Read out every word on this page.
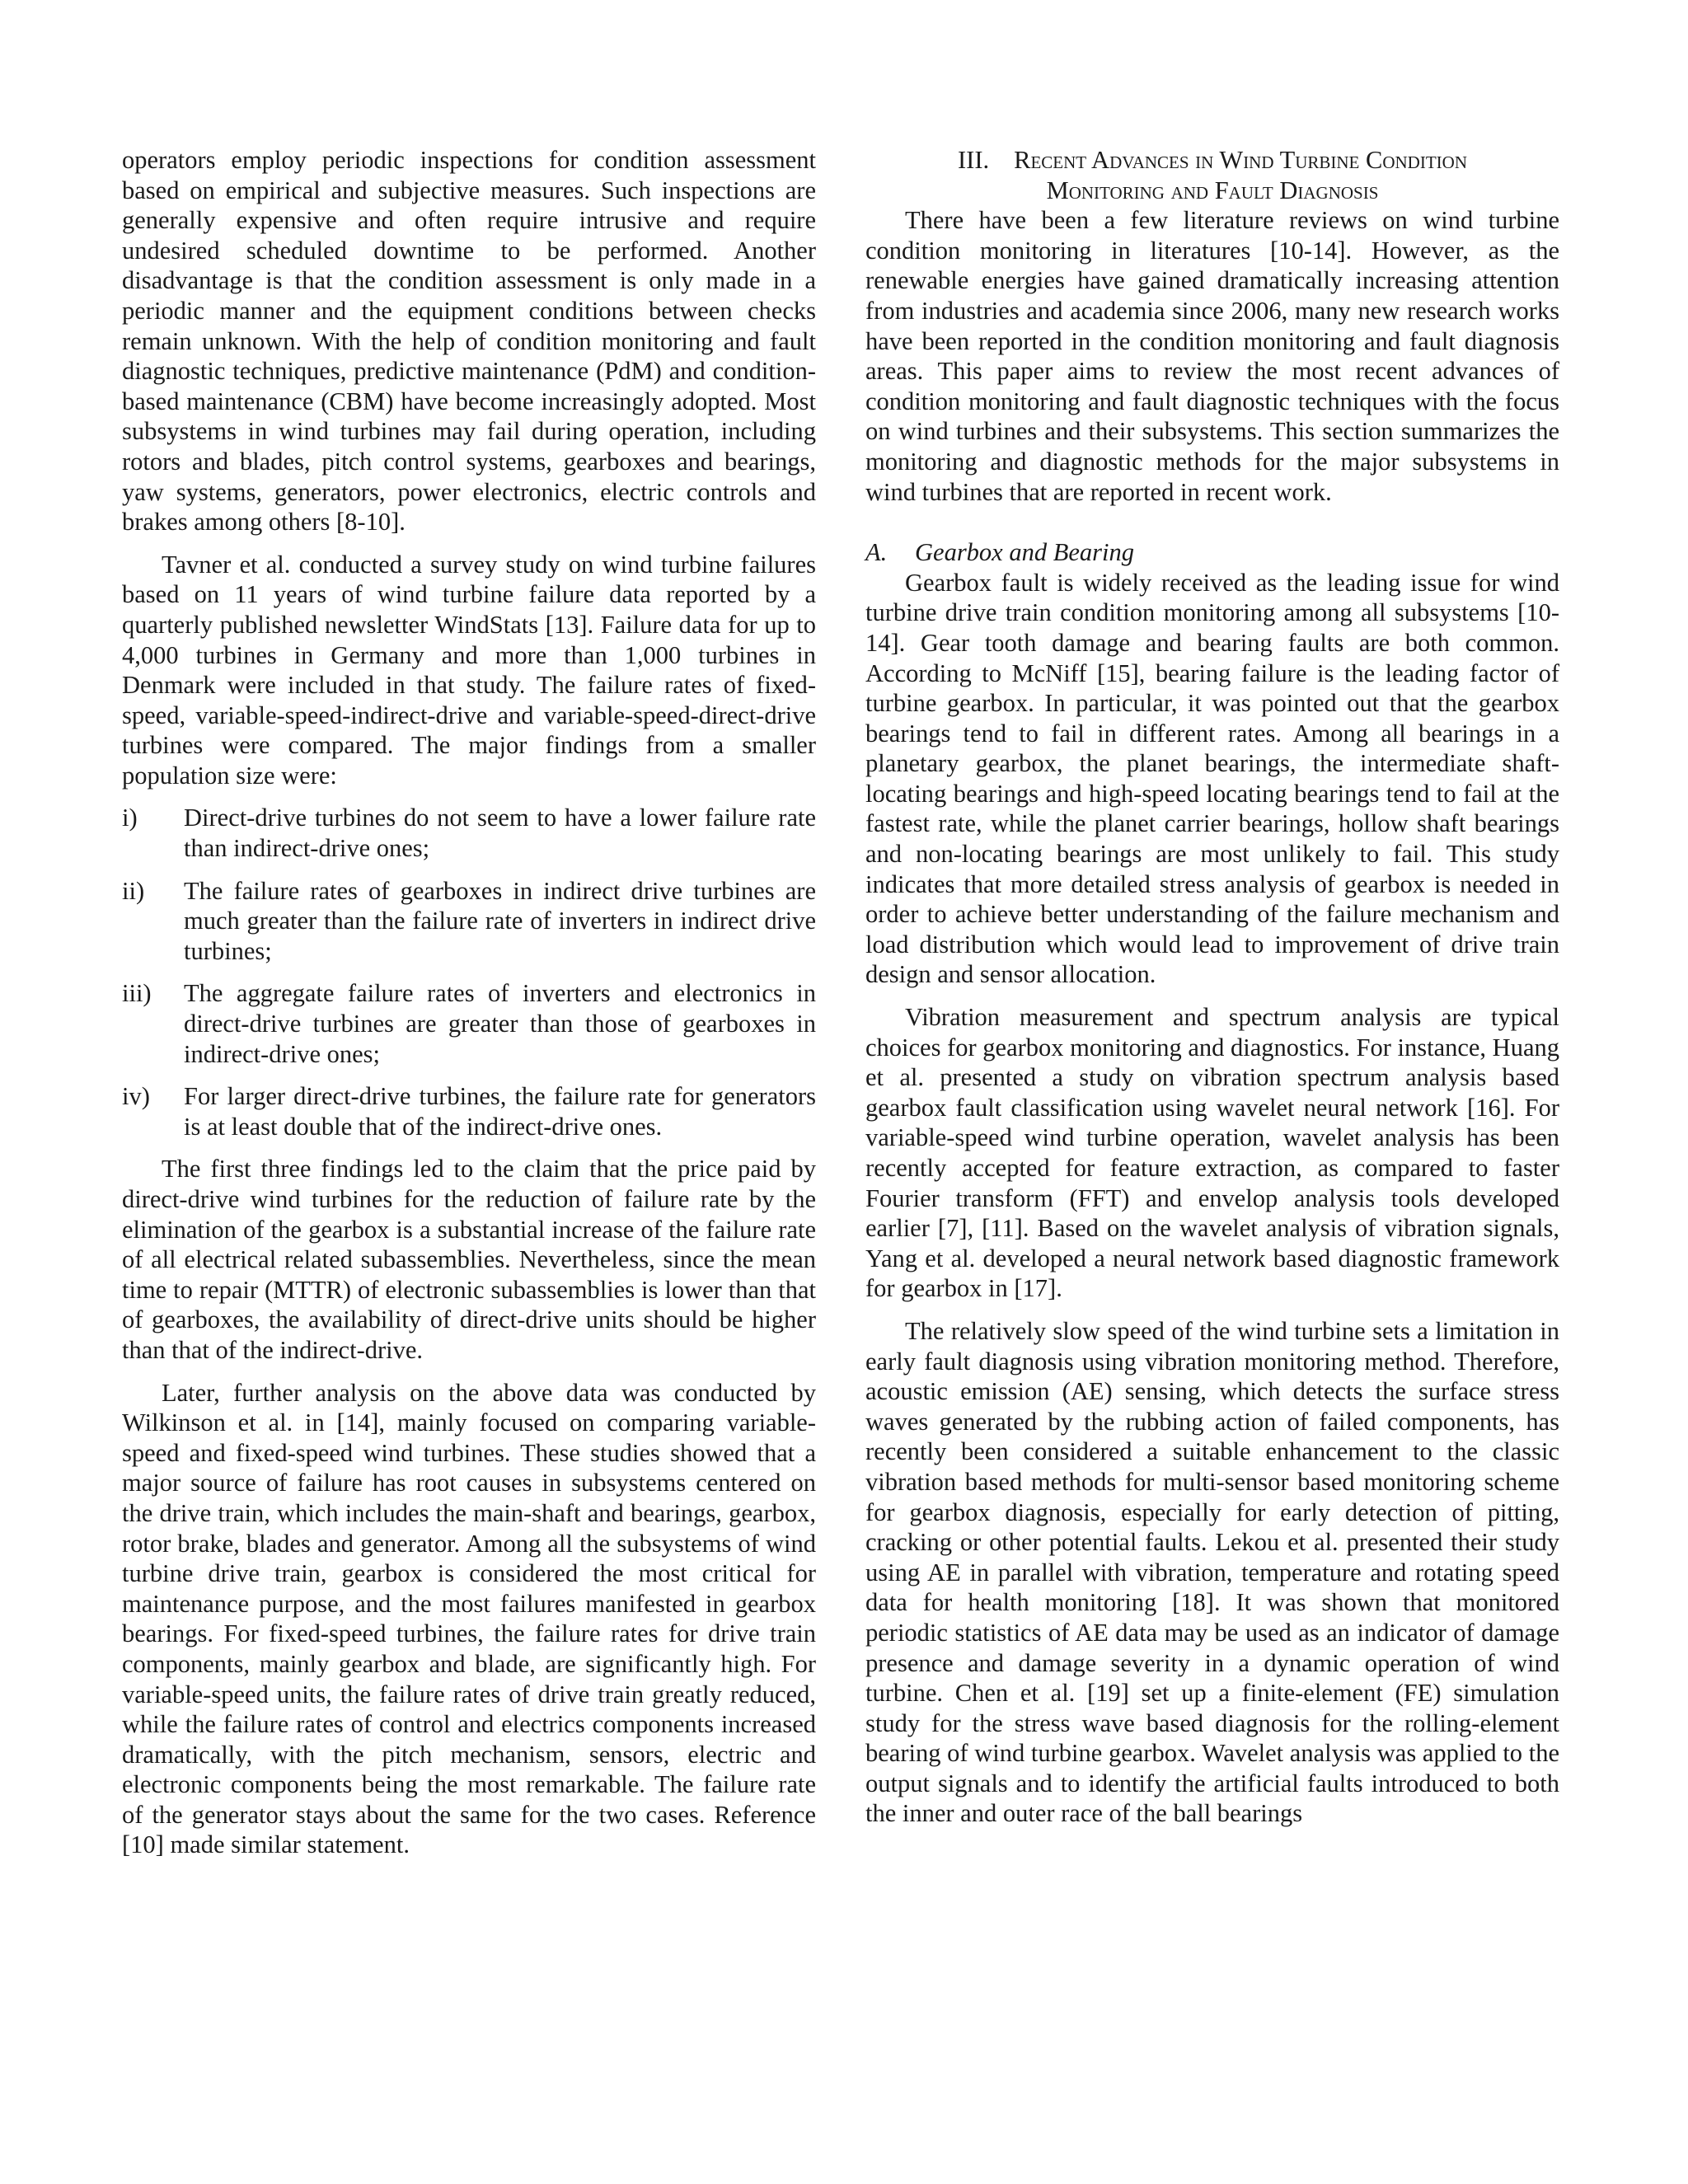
operators employ periodic inspections for condition assessment based on empirical and subjective measures. Such inspections are generally expensive and often require intrusive and require undesired scheduled downtime to be performed. Another disadvantage is that the condition assessment is only made in a periodic manner and the equipment conditions between checks remain unknown. With the help of condition monitoring and fault diagnostic techniques, predictive maintenance (PdM) and condition-based maintenance (CBM) have become increasingly adopted. Most subsystems in wind turbines may fail during operation, including rotors and blades, pitch control systems, gearboxes and bearings, yaw systems, generators, power electronics, electric controls and brakes among others [8-10].

Tavner et al. conducted a survey study on wind turbine failures based on 11 years of wind turbine failure data reported by a quarterly published newsletter WindStats [13]. Failure data for up to 4,000 turbines in Germany and more than 1,000 turbines in Denmark were included in that study. The failure rates of fixed-speed, variable-speed-indirect-drive and variable-speed-direct-drive turbines were compared. The major findings from a smaller population size were:

i)	Direct-drive turbines do not seem to have a lower failure rate than indirect-drive ones;
ii)	The failure rates of gearboxes in indirect drive turbines are much greater than the failure rate of inverters in indirect drive turbines;
iii)	The aggregate failure rates of inverters and electronics in direct-drive turbines are greater than those of gearboxes in indirect-drive ones;
iv)	For larger direct-drive turbines, the failure rate for generators is at least double that of the indirect-drive ones.

The first three findings led to the claim that the price paid by direct-drive wind turbines for the reduction of failure rate by the elimination of the gearbox is a substantial increase of the failure rate of all electrical related subassemblies. Nevertheless, since the mean time to repair (MTTR) of electronic subassemblies is lower than that of gearboxes, the availability of direct-drive units should be higher than that of the indirect-drive.

Later, further analysis on the above data was conducted by Wilkinson et al. in [14], mainly focused on comparing variable-speed and fixed-speed wind turbines. These studies showed that a major source of failure has root causes in subsystems centered on the drive train, which includes the main-shaft and bearings, gearbox, rotor brake, blades and generator. Among all the subsystems of wind turbine drive train, gearbox is considered the most critical for maintenance purpose, and the most failures manifested in gearbox bearings. For fixed-speed turbines, the failure rates for drive train components, mainly gearbox and blade, are significantly high. For variable-speed units, the failure rates of drive train greatly reduced, while the failure rates of control and electrics components increased dramatically, with the pitch mechanism, sensors, electric and electronic components being the most remarkable. The failure rate of the generator stays about the same for the two cases. Reference [10] made similar statement.

III. Recent Advances in Wind Turbine Condition
Monitoring and Fault Diagnosis

There have been a few literature reviews on wind turbine condition monitoring in literatures [10-14]. However, as the renewable energies have gained dramatically increasing attention from industries and academia since 2006, many new research works have been reported in the condition monitoring and fault diagnosis areas. This paper aims to review the most recent advances of condition monitoring and fault diagnostic techniques with the focus on wind turbines and their subsystems. This section summarizes the monitoring and diagnostic methods for the major subsystems in wind turbines that are reported in recent work.

A. Gearbox and Bearing

Gearbox fault is widely received as the leading issue for wind turbine drive train condition monitoring among all subsystems [10-14]. Gear tooth damage and bearing faults are both common. According to McNiff [15], bearing failure is the leading factor of turbine gearbox. In particular, it was pointed out that the gearbox bearings tend to fail in different rates. Among all bearings in a planetary gearbox, the planet bearings, the intermediate shaft-locating bearings and high-speed locating bearings tend to fail at the fastest rate, while the planet carrier bearings, hollow shaft bearings and non-locating bearings are most unlikely to fail. This study indicates that more detailed stress analysis of gearbox is needed in order to achieve better understanding of the failure mechanism and load distribution which would lead to improvement of drive train design and sensor allocation.

Vibration measurement and spectrum analysis are typical choices for gearbox monitoring and diagnostics. For instance, Huang et al. presented a study on vibration spectrum analysis based gearbox fault classification using wavelet neural network [16]. For variable-speed wind turbine operation, wavelet analysis has been recently accepted for feature extraction, as compared to faster Fourier transform (FFT) and envelop analysis tools developed earlier [7], [11]. Based on the wavelet analysis of vibration signals, Yang et al. developed a neural network based diagnostic framework for gearbox in [17].

The relatively slow speed of the wind turbine sets a limitation in early fault diagnosis using vibration monitoring method. Therefore, acoustic emission (AE) sensing, which detects the surface stress waves generated by the rubbing action of failed components, has recently been considered a suitable enhancement to the classic vibration based methods for multi-sensor based monitoring scheme for gearbox diagnosis, especially for early detection of pitting, cracking or other potential faults. Lekou et al. presented their study using AE in parallel with vibration, temperature and rotating speed data for health monitoring [18]. It was shown that monitored periodic statistics of AE data may be used as an indicator of damage presence and damage severity in a dynamic operation of wind turbine. Chen et al. [19] set up a finite-element (FE) simulation study for the stress wave based diagnosis for the rolling-element bearing of wind turbine gearbox. Wavelet analysis was applied to the output signals and to identify the artificial faults introduced to both the inner and outer race of the ball bearings
